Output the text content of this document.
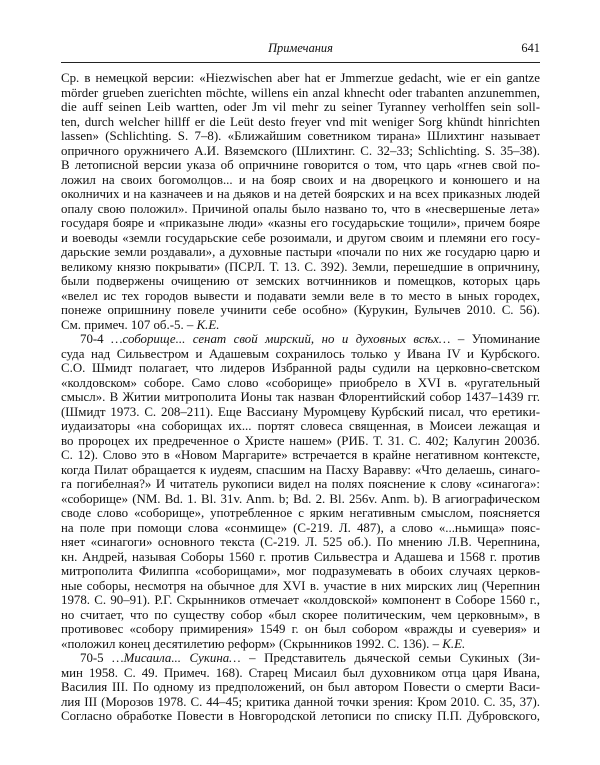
Примечания	641
Ср. в немецкой версии: «Hiezwischen aber hat er Jmmerzue gedacht, wie er ein gantze
mörder grueben zuerichten möchte, willens ein anzal khnecht oder trabanten anzunemmen,
die auff seinen Leib wartten, oder Jm vil mehr zu seiner Tyranney verholffen sein soll-
ten, durch welcher hillff er die Leüt desto freyer vnd mit weniger Sorg khündt hinrichten
lassen» (Schlichting. S. 7–8). «Ближайшим советником тирана» Шлихтинг называет
опричного оружничего А.И. Вяземского (Шлихтинг. С. 32–33; Schlichting. S. 35–38).
В летописной версии указа об опричнине говорится о том, что царь «гнев свой по-
ложил на своих богомолцов... и на бояр своих и на дворецкого и конюшего и на
околничих и на казначеев и на дьяков и на детей боярских и на всех приказных людей
опалу свою положил». Причиной опалы было названо то, что в «несвершеные лета»
государя бояре и «приказыне люди» «казны его государьские тощили», причем бояре
и воеводы «земли государьские себе розоимали, и другом своим и племяни его госу-
дарьские земли роздавали», а духовные пастыри «почали по них же государю царю и
великому князю покрывати» (ПСРЛ. Т. 13. С. 392). Земли, перешедшие в опричнину,
были подвержены очищению от земских вотчинников и помещков, которых царь
«велел ис тех городов вывести и подавати земли веле в то место в ыных городех,
понеже опришнину повеле учинити себе особно» (Курукин, Булычев 2010. С. 56).
См. примеч. 107 об.-5. – К.Е.
70-4 …соборище... сенат свой мирский, но и духовных всѣх… – Упоминание
суда над Сильвестром и Адашевым сохранилось только у Ивана IV и Курбского.
С.О. Шмидт полагает, что лидеров Избранной рады судили на церковно-светском
«колдовском» соборе. Само слово «соборище» приобрело в XVI в. «ругательный
смысл». В Житии митрополита Ионы так назван Флорентийский собор 1437–1439 гг.
(Шмидт 1973. С. 208–211). Еще Вассиану Муромцеву Курбский писал, что еретики-
иудаизаторы «на соборищах их... портят словеса священная, в Моисеи лежащая и
во пророцех их предреченное о Христе нашем» (РИБ. Т. 31. С. 402; Калугин 2003б.
С. 12). Слово это в «Новом Маргарите» встречается в крайне негативном контексте,
когда Пилат обращается к иудеям, спасшим на Пасху Варавву: «Что делаешь, синаго-
га погибелная?» И читатель рукописи видел на полях пояснение к слову «синагога»:
«соборище» (NM. Bd. 1. Bl. 31v. Anm. b; Bd. 2. Bl. 256v. Anm. b). В агиографическом
своде слово «соборище», употребленное с ярким негативным смыслом, поясняется
на поле при помощи слова «сонмище» (С-219. Л. 487), а слово «...ньмища» пояс-
няет «синагоги» основного текста (С-219. Л. 525 об.). По мнению Л.В. Черепнина,
кн. Андрей, называя Соборы 1560 г. против Сильвестра и Адашева и 1568 г. против
митрополита Филиппа «соборищами», мог подразумевать в обоих случаях церков-
ные соборы, несмотря на обычное для XVI в. участие в них мирских лиц (Черепнин
1978. С. 90–91). Р.Г. Скрынников отмечает «колдовской» компонент в Соборе 1560 г.,
но считает, что по существу собор «был скорее политическим, чем церковным», в
противовес «собору примирения» 1549 г. он был собором «вражды и суеверия» и
«положил конец десятилетию реформ» (Скрынников 1992. С. 136). – К.Е.
70-5 …Мисаила... Сукина… – Представитель дьяческой семьи Сукиных (Зи-
мин 1958. С. 49. Примеч. 168). Старец Мисаил был духовником отца царя Ивана,
Василия III. По одному из предположений, он был автором Повести о смерти Васи-
лия III (Морозов 1978. С. 44–45; критика данной точки зрения: Кром 2010. С. 35, 37).
Согласно обработке Повести в Новгородской летописи по списку П.П. Дубровского,
